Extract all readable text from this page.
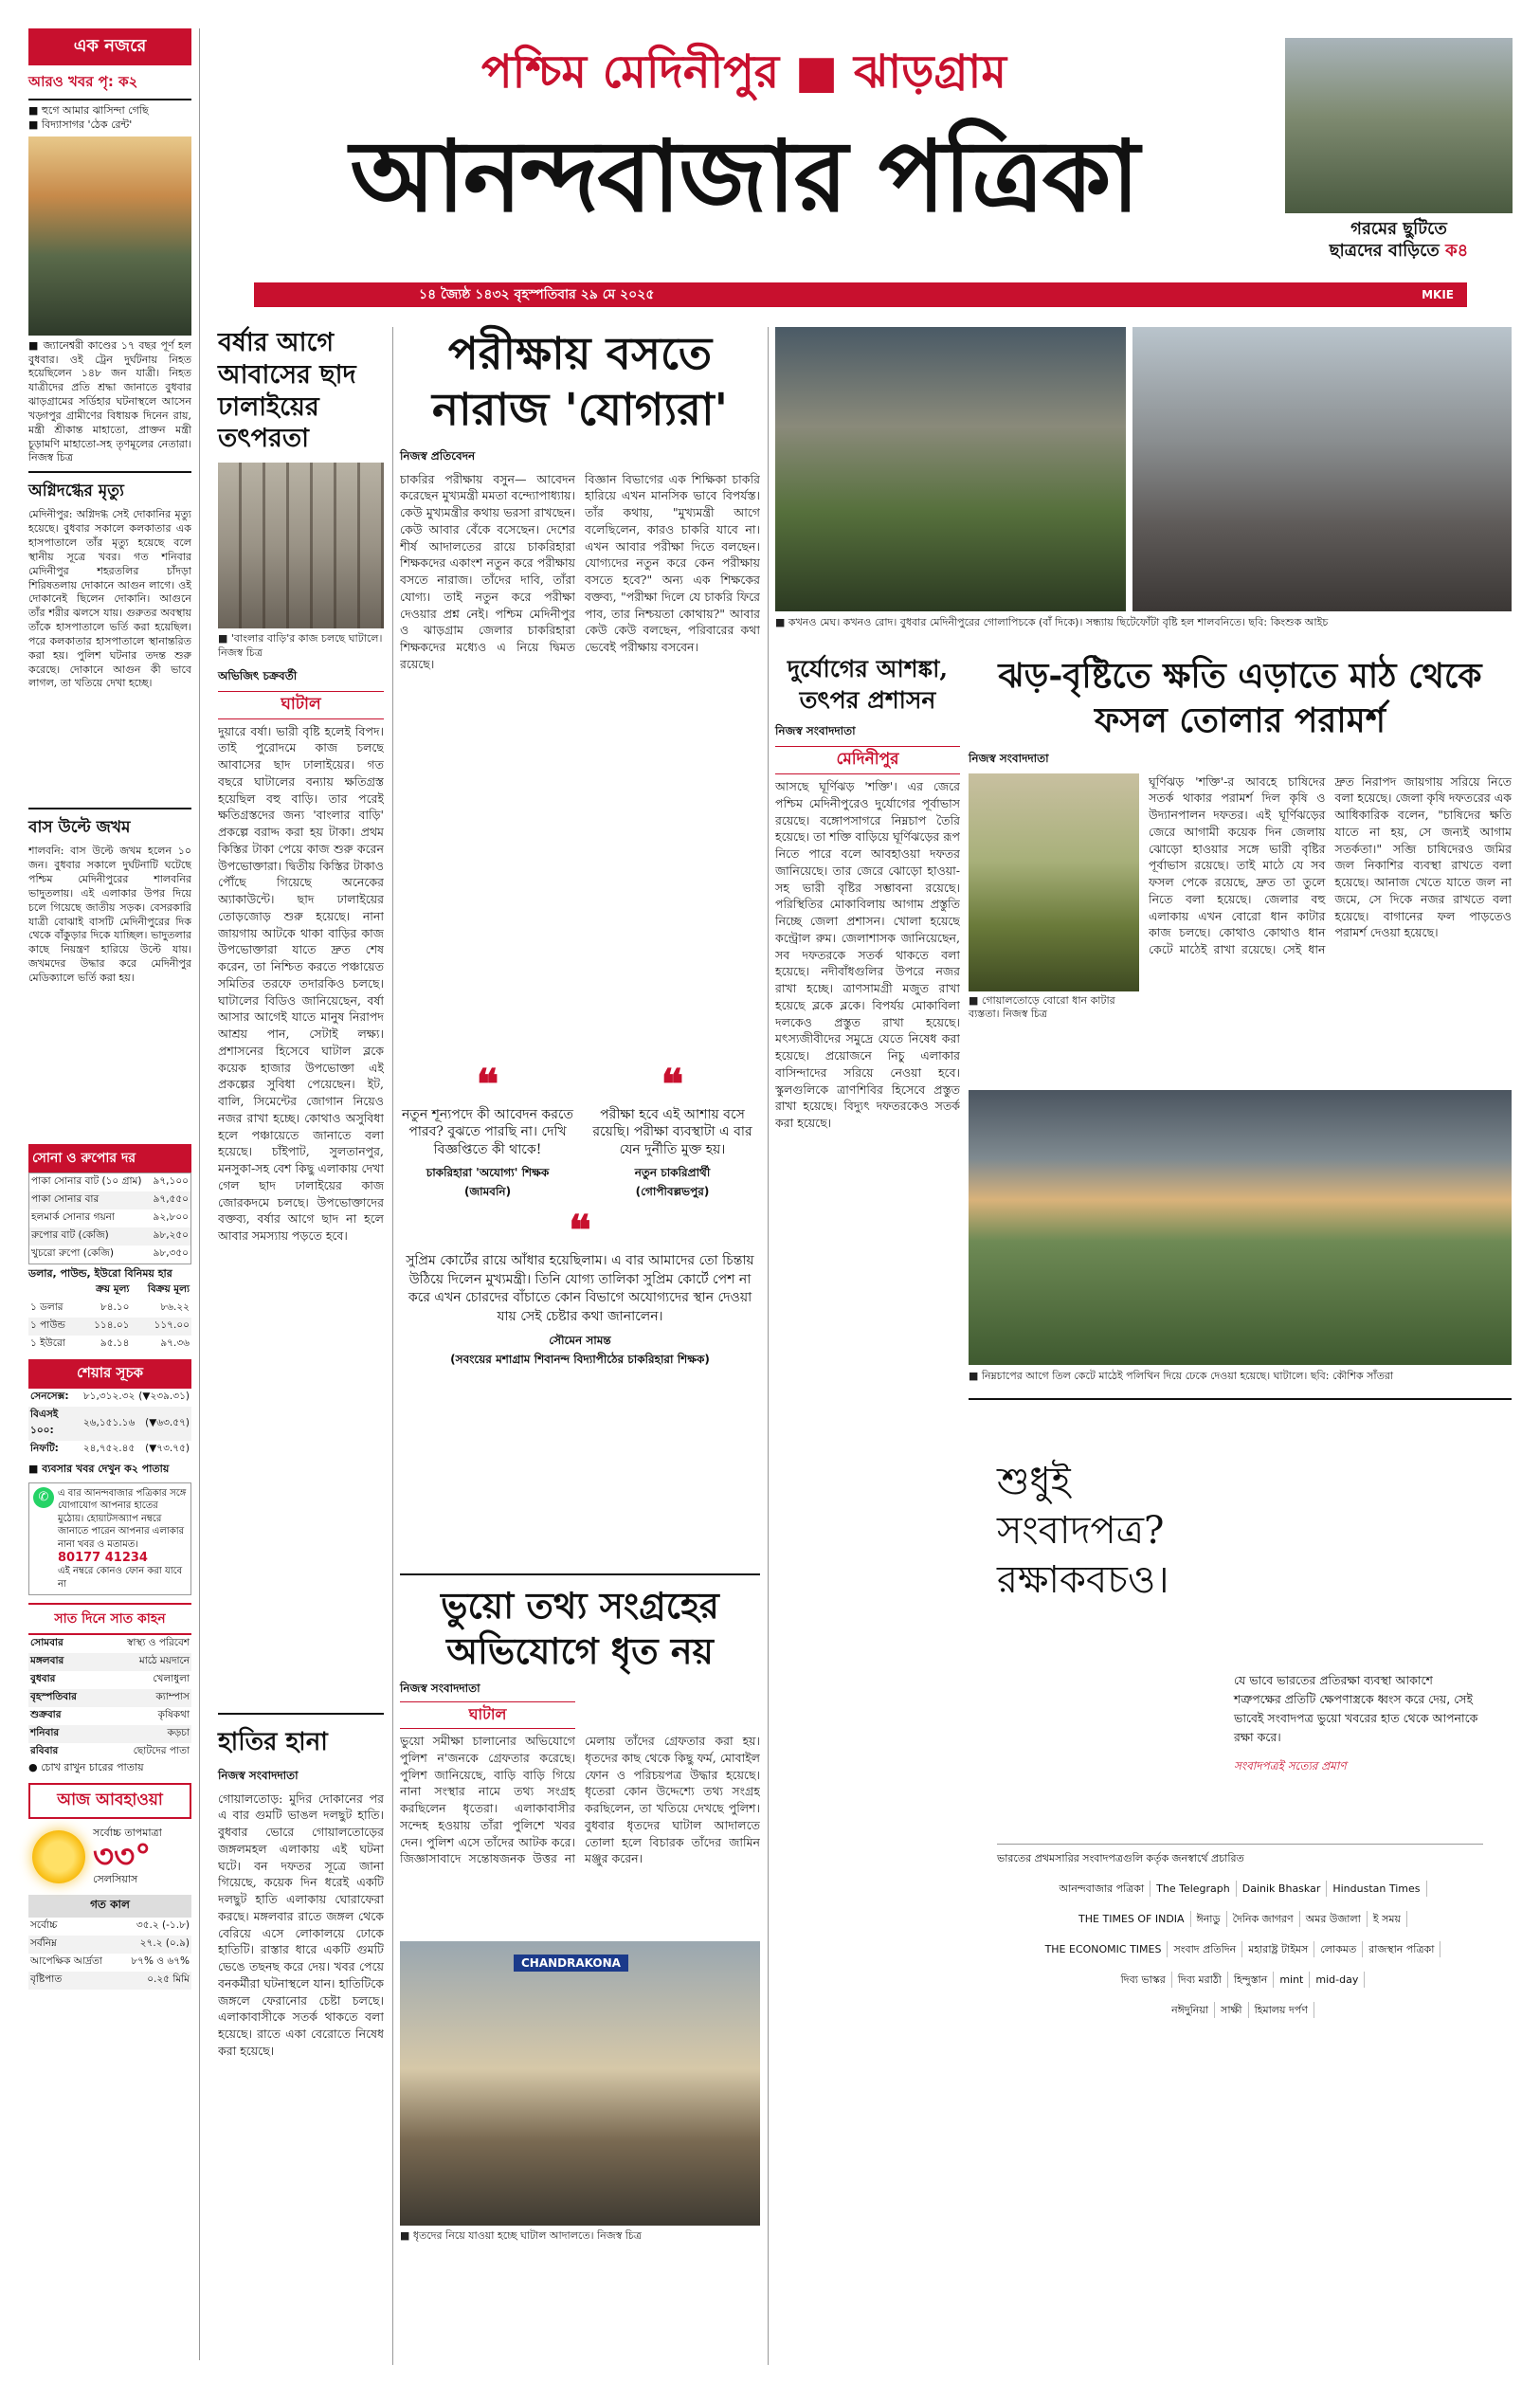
এক নজরে
আরও খবর পৃ: ক২
■ হুগে আমার ঝাসিন্দা গেছি
■ বিদ্যাসাগর 'ঠেক রেন্ট'
■ জ্যানেশ্বরী কাণ্ডের ১৭ বছর পূর্ণ হল বুধবার। ওই ট্রেন দুর্ঘটনায় নিহত হয়েছিলেন ১৪৮ জন যাত্রী। নিহত যাত্রীদের প্রতি শ্রদ্ধা জানাতে বুধবার ঝাড়গ্রামের সর্ডিহার ঘটনাস্থলে আসেন খড়্গপুর গ্রামীণের বিধায়ক দিনেন রায়, মন্ত্রী শ্রীকান্ত মাহাতো, প্রাক্তন মন্ত্রী চূড়ামণি মাহাতো-সহ তৃণমূলের নেতারা। নিজস্ব চিত্র
অগ্নিদগ্ধের মৃত্যু
মেদিনীপুর: অগ্নিদগ্ধ সেই দোকানির মৃত্যু হয়েছে। বুধবার সকালে কলকাতার এক হাসপাতালে তাঁর মৃত্যু হয়েছে বলে স্থানীয় সূত্রে খবর। গত শনিবার মেদিনীপুর শহরতলির চাঁদড়া শিরিষতলায় দোকানে আগুন লাগে। ওই দোকানেই ছিলেন দোকানি। আগুনে তাঁর শরীর ঝলসে যায়। গুরুতর অবস্থায় তাঁকে হাসপাতালে ভর্তি করা হয়েছিল। পরে কলকাতার হাসপাতালে স্থানান্তরিত করা হয়। পুলিশ ঘটনার তদন্ত শুরু করেছে। দোকানে আগুন কী ভাবে লাগল, তা খতিয়ে দেখা হচ্ছে।
বাস উল্টে জখম
শালবনি: বাস উল্টে জখম হলেন ১০ জন। বুধবার সকালে দুর্ঘটনাটি ঘটেছে পশ্চিম মেদিনীপুরের শালবনির ভাদুতলায়। এই এলাকার উপর দিয়ে চলে গিয়েছে জাতীয় সড়ক। বেসরকারি যাত্রী বোঝাই বাসটি মেদিনীপুরের দিক থেকে বাঁকুড়ার দিকে যাচ্ছিল। ভাদুতলার কাছে নিয়ন্ত্রণ হারিয়ে উল্টে যায়। জখমদের উদ্ধার করে মেদিনীপুর মেডিক্যালে ভর্তি করা হয়।
সোনা ও রুপোর দর
পাকা সোনার বাট (১০ গ্রাম)	৯৭,১০০
পাকা সোনার বার	৯৭,৫৫০
হলমার্ক সোনার গয়না	৯২,৮০০
রুপোর বাট (কেজি)	৯৮,২৫০
খুচরো রুপো (কেজি)	৯৮,৩৫০
ডলার, পাউন্ড, ইউরো বিনিময় হার
	ক্রয় মূল্য	বিক্রয় মূল্য
১ ডলার	৮৪.১০	৮৬.২২
১ পাউন্ড	১১৪.০১	১১৭.০০
১ ইউরো	৯৫.১৪	৯৭.৩৬
শেয়ার সূচক
সেনসেক্স:	৮১,৩১২.৩২	(▼২৩৯.৩১)
বিএসই ১০০:	২৬,১৫১.১৬	(▼৬৩.৫৭)
নিফটি:	২৪,৭৫২.৪৫	(▼৭৩.৭৫)
■ ব্যবসার খবর দেখুন ক২ পাতায়
✆ এ বার আনন্দবাজার পত্রিকার সঙ্গে যোগাযোগ আপনার হাতের মুঠোয়। হোয়াটসঅ্যাপ নম্বরে জানাতে পারেন আপনার এলাকার নানা খবর ও মতামত।
80177 41234
এই নম্বরে কোনও ফোন করা যাবে না
সাত দিনে সাত কাহন
সোমবার	স্বাস্থ্য ও পরিবেশ
মঙ্গলবার	মাঠে ময়দানে
বুধবার	খেলাধুলা
বৃহস্পতিবার	ক্যাম্পাস
শুক্রবার	কৃষিকথা
শনিবার	কড়চা
রবিবার	ছোটদের পাতা
● চোখ রাখুন চারের পাতায়
আজ আবহাওয়া
সর্বোচ্চ তাপমাত্রা
৩৩°
সেলসিয়াস
গত কাল
সর্বোচ্চ	৩৫.২ (-১.৮)
সর্বনিম্ন	২৭.২ (০.৯)
আপেক্ষিক আর্দ্রতা	৮৭% ও ৬৭%
বৃষ্টিপাত	০.২৫ মিমি
পশ্চিম মেদিনীপুর ■ ঝাড়গ্রাম
আনন্দবাজার পত্রিকা
১৪ জ্যৈষ্ঠ ১৪৩২ বৃহস্পতিবার ২৯ মে ২০২৫	MKIE
গরমের ছুটিতে
ছাত্রদের বাড়িতে ক৪
বর্ষার আগে আবাসের ছাদ ঢালাইয়ের তৎপরতা
■ 'বাংলার বাড়ি'র কাজ চলছে ঘাটালে। নিজস্ব চিত্র
অভিজিৎ চক্রবর্তী
ঘাটাল
দুয়ারে বর্ষা। ভারী বৃষ্টি হলেই বিপদ। তাই পুরোদমে কাজ চলছে আবাসের ছাদ ঢালাইয়ের। গত বছরে ঘাটালের বন্যায় ক্ষতিগ্রস্ত হয়েছিল বহু বাড়ি। তার পরেই ক্ষতিগ্রস্তদের জন্য 'বাংলার বাড়ি' প্রকল্পে বরাদ্দ করা হয় টাকা। প্রথম কিস্তির টাকা পেয়ে কাজ শুরু করেন উপভোক্তারা। দ্বিতীয় কিস্তির টাকাও পৌঁছে গিয়েছে অনেকের অ্যাকাউন্টে। ছাদ ঢালাইয়ের তোড়জোড় শুরু হয়েছে। নানা জায়গায় আটকে থাকা বাড়ির কাজ উপভোক্তারা যাতে দ্রুত শেষ করেন, তা নিশ্চিত করতে পঞ্চায়েত সমিতির তরফে তদারকিও চলছে। ঘাটালের বিডিও জানিয়েছেন, বর্ষা আসার আগেই যাতে মানুষ নিরাপদ আশ্রয় পান, সেটাই লক্ষ্য। প্রশাসনের হিসেবে ঘাটাল ব্লকে কয়েক হাজার উপভোক্তা এই প্রকল্পের সুবিধা পেয়েছেন। ইট, বালি, সিমেন্টের জোগান নিয়েও নজর রাখা হচ্ছে। কোথাও অসুবিধা হলে পঞ্চায়েতে জানাতে বলা হয়েছে। চাঁইপাট, সুলতানপুর, মনসুকা-সহ বেশ কিছু এলাকায় দেখা গেল ছাদ ঢালাইয়ের কাজ জোরকদমে চলছে। উপভোক্তাদের বক্তব্য, বর্ষার আগে ছাদ না হলে আবার সমস্যায় পড়তে হবে।
হাতির হানা
নিজস্ব সংবাদদাতা
গোয়ালতোড়: মুদির দোকানের পর এ বার গুমটি ভাঙল দলছুট হাতি। বুধবার ভোরে গোয়ালতোড়ের জঙ্গলমহল এলাকায় এই ঘটনা ঘটে। বন দফতর সূত্রে জানা গিয়েছে, কয়েক দিন ধরেই একটি দলছুট হাতি এলাকায় ঘোরাফেরা করছে। মঙ্গলবার রাতে জঙ্গল থেকে বেরিয়ে এসে লোকালয়ে ঢোকে হাতিটি। রাস্তার ধারে একটি গুমটি ভেঙে তছনছ করে দেয়। খবর পেয়ে বনকর্মীরা ঘটনাস্থলে যান। হাতিটিকে জঙ্গলে ফেরানোর চেষ্টা চলছে। এলাকাবাসীকে সতর্ক থাকতে বলা হয়েছে। রাতে একা বেরোতে নিষেধ করা হয়েছে।
পরীক্ষায় বসতে নারাজ 'যোগ্যরা'
নিজস্ব প্রতিবেদন
চাকরির পরীক্ষায় বসুন— আবেদন করেছেন মুখ্যমন্ত্রী মমতা বন্দ্যোপাধ্যায়। কেউ মুখ্যমন্ত্রীর কথায় ভরসা রাখছেন। কেউ আবার বেঁকে বসেছেন। দেশের শীর্ষ আদালতের রায়ে চাকরিহারা শিক্ষকদের একাংশ নতুন করে পরীক্ষায় বসতে নারাজ। তাঁদের দাবি, তাঁরা যোগ্য। তাই নতুন করে পরীক্ষা দেওয়ার প্রশ্ন নেই। পশ্চিম মেদিনীপুর ও ঝাড়গ্রাম জেলার চাকরিহারা শিক্ষকদের মধ্যেও এ নিয়ে দ্বিমত রয়েছে।
বিজ্ঞান বিভাগের এক শিক্ষিকা চাকরি হারিয়ে এখন মানসিক ভাবে বিপর্যস্ত। তাঁর কথায়, "মুখ্যমন্ত্রী আগে বলেছিলেন, কারও চাকরি যাবে না। এখন আবার পরীক্ষা দিতে বলছেন। যোগ্যদের নতুন করে কেন পরীক্ষায় বসতে হবে?" অন্য এক শিক্ষকের বক্তব্য, "পরীক্ষা দিলে যে চাকরি ফিরে পাব, তার নিশ্চয়তা কোথায়?" আবার কেউ কেউ বলছেন, পরিবারের কথা ভেবেই পরীক্ষায় বসবেন।
❝
নতুন শূন্যপদে কী আবেদন করতে পারব? বুঝতে পারছি না। দেখি বিজ্ঞপ্তিতে কী থাকে!
চাকরিহারা 'অযোগ্য' শিক্ষক
(জামবনি)
❝
পরীক্ষা হবে এই আশায় বসে রয়েছি। পরীক্ষা ব্যবস্থাটা এ বার যেন দুর্নীতি মুক্ত হয়।
নতুন চাকরিপ্রার্থী
(গোপীবল্লভপুর)
❝
সুপ্রিম কোর্টের রায়ে আঁধার হয়েছিলাম। এ বার আমাদের তো চিন্তায় উঠিয়ে দিলেন মুখ্যমন্ত্রী। তিনি যোগ্য তালিকা সুপ্রিম কোর্টে পেশ না করে এখন চোরদের বাঁচাতে কোন বিভাগে অযোগ্যদের স্থান দেওয়া যায় সেই চেষ্টার কথা জানালেন।
সৌমেন সামন্ত
(সবংয়ের মশাগ্রাম শিবানন্দ বিদ্যাপীঠের চাকরিহারা শিক্ষক)
ভুয়ো তথ্য সংগ্রহের অভিযোগে ধৃত নয়
নিজস্ব সংবাদদাতা
ঘাটাল
ভুয়ো সমীক্ষা চালানোর অভিযোগে পুলিশ ন'জনকে গ্রেফতার করেছে। পুলিশ জানিয়েছে, বাড়ি বাড়ি গিয়ে নানা সংস্থার নামে তথ্য সংগ্রহ করছিলেন ধৃতেরা। এলাকাবাসীর সন্দেহ হওয়ায় তাঁরা পুলিশে খবর দেন। পুলিশ এসে তাঁদের আটক করে। জিজ্ঞাসাবাদে সন্তোষজনক উত্তর না মেলায় তাঁদের গ্রেফতার করা হয়। ধৃতদের কাছ থেকে কিছু ফর্ম, মোবাইল ফোন ও পরিচয়পত্র উদ্ধার হয়েছে। ধৃতেরা কোন উদ্দেশ্যে তথ্য সংগ্রহ করছিলেন, তা খতিয়ে দেখছে পুলিশ। বুধবার ধৃতদের ঘাটাল আদালতে তোলা হলে বিচারক তাঁদের জামিন মঞ্জুর করেন।
CHANDRAKONA
■ ধৃতদের নিয়ে যাওয়া হচ্ছে ঘাটাল আদালতে। নিজস্ব চিত্র
■ কখনও মেঘ। কখনও রোদ। বুধবার মেদিনীপুরের গোলাপিচকে (বাঁ দিকে)। সন্ধ্যায় ছিটেফোঁটা বৃষ্টি হল শালবনিতে। ছবি: কিংশুক আইচ
দুর্যোগের আশঙ্কা, তৎপর প্রশাসন
নিজস্ব সংবাদদাতা
মেদিনীপুর
আসছে ঘূর্ণিঝড় 'শক্তি'। এর জেরে পশ্চিম মেদিনীপুরেও দুর্যোগের পূর্বাভাস রয়েছে। বঙ্গোপসাগরে নিম্নচাপ তৈরি হয়েছে। তা শক্তি বাড়িয়ে ঘূর্ণিঝড়ের রূপ নিতে পারে বলে আবহাওয়া দফতর জানিয়েছে। তার জেরে ঝোড়ো হাওয়া-সহ ভারী বৃষ্টির সম্ভাবনা রয়েছে। পরিস্থিতির মোকাবিলায় আগাম প্রস্তুতি নিচ্ছে জেলা প্রশাসন। খোলা হয়েছে কন্ট্রোল রুম। জেলাশাসক জানিয়েছেন, সব দফতরকে সতর্ক থাকতে বলা হয়েছে। নদীবাঁধগুলির উপরে নজর রাখা হচ্ছে। ত্রাণসামগ্রী মজুত রাখা হয়েছে ব্লকে ব্লকে। বিপর্যয় মোকাবিলা দলকেও প্রস্তুত রাখা হয়েছে। মৎস্যজীবীদের সমুদ্রে যেতে নিষেধ করা হয়েছে। প্রয়োজনে নিচু এলাকার বাসিন্দাদের সরিয়ে নেওয়া হবে। স্কুলগুলিকে ত্রাণশিবির হিসেবে প্রস্তুত রাখা হয়েছে। বিদ্যুৎ দফতরকেও সতর্ক করা হয়েছে।
ঝড়-বৃষ্টিতে ক্ষতি এড়াতে মাঠ থেকে ফসল তোলার পরামর্শ
নিজস্ব সংবাদদাতা
■ গোয়ালতোড়ে বোরো ধান কাটার ব্যস্ততা। নিজস্ব চিত্র
ঘূর্ণিঝড় 'শক্তি'-র আবহে চাষিদের সতর্ক থাকার পরামর্শ দিল কৃষি ও উদ্যানপালন দফতর। এই ঘূর্ণিঝড়ের জেরে আগামী কয়েক দিন জেলায় ঝোড়ো হাওয়ার সঙ্গে ভারী বৃষ্টির পূর্বাভাস রয়েছে। তাই মাঠে যে সব ফসল পেকে রয়েছে, দ্রুত তা তুলে নিতে বলা হয়েছে। জেলার বহু এলাকায় এখন বোরো ধান কাটার কাজ চলছে। কোথাও কোথাও ধান কেটে মাঠেই রাখা রয়েছে। সেই ধান দ্রুত নিরাপদ জায়গায় সরিয়ে নিতে বলা হয়েছে। জেলা কৃষি দফতরের এক আধিকারিক বলেন, "চাষিদের ক্ষতি যাতে না হয়, সে জন্যই আগাম সতর্কতা।" সব্জি চাষিদেরও জমির জল নিকাশির ব্যবস্থা রাখতে বলা হয়েছে। আনাজ খেতে যাতে জল না জমে, সে দিকে নজর রাখতে বলা হয়েছে। বাগানের ফল পাড়তেও পরামর্শ দেওয়া হয়েছে।
■ নিম্নচাপের আগে তিল কেটে মাঠেই পলিথিন দিয়ে ঢেকে দেওয়া হয়েছে। ঘাটালে। ছবি: কৌশিক সাঁতরা
শুধুই
সংবাদপত্র?
রক্ষাকবচও।
যে ভাবে ভারতের প্রতিরক্ষা ব্যবস্থা আকাশে শত্রুপক্ষের প্রতিটি ক্ষেপণাস্ত্রকে ধ্বংস করে দেয়, সেই ভাবেই সংবাদপত্র ভুয়ো খবরের হাত থেকে আপনাকে রক্ষা করে।
সংবাদপত্রই সত্যের প্রমাণ
ভারতের প্রথমসারির সংবাদপত্রগুলি কর্তৃক জনস্বার্থে প্রচারিত
আনন্দবাজার পত্রিকা The Telegraph Dainik Bhaskar Hindustan Times
THE TIMES OF INDIA ঈনাডু দৈনিক জাগরণ অমর উজালা ই সময়
THE ECONOMIC TIMES সংবাদ প্রতিদিন মহারাষ্ট্র টাইমস লোকমত রাজস্থান পত্রিকা
দিব্য ভাস্কর দিব্য মরাঠী হিন্দুস্তান mint mid-day
নঈদুনিয়া সাক্ষী হিমালয় দর্পণ
